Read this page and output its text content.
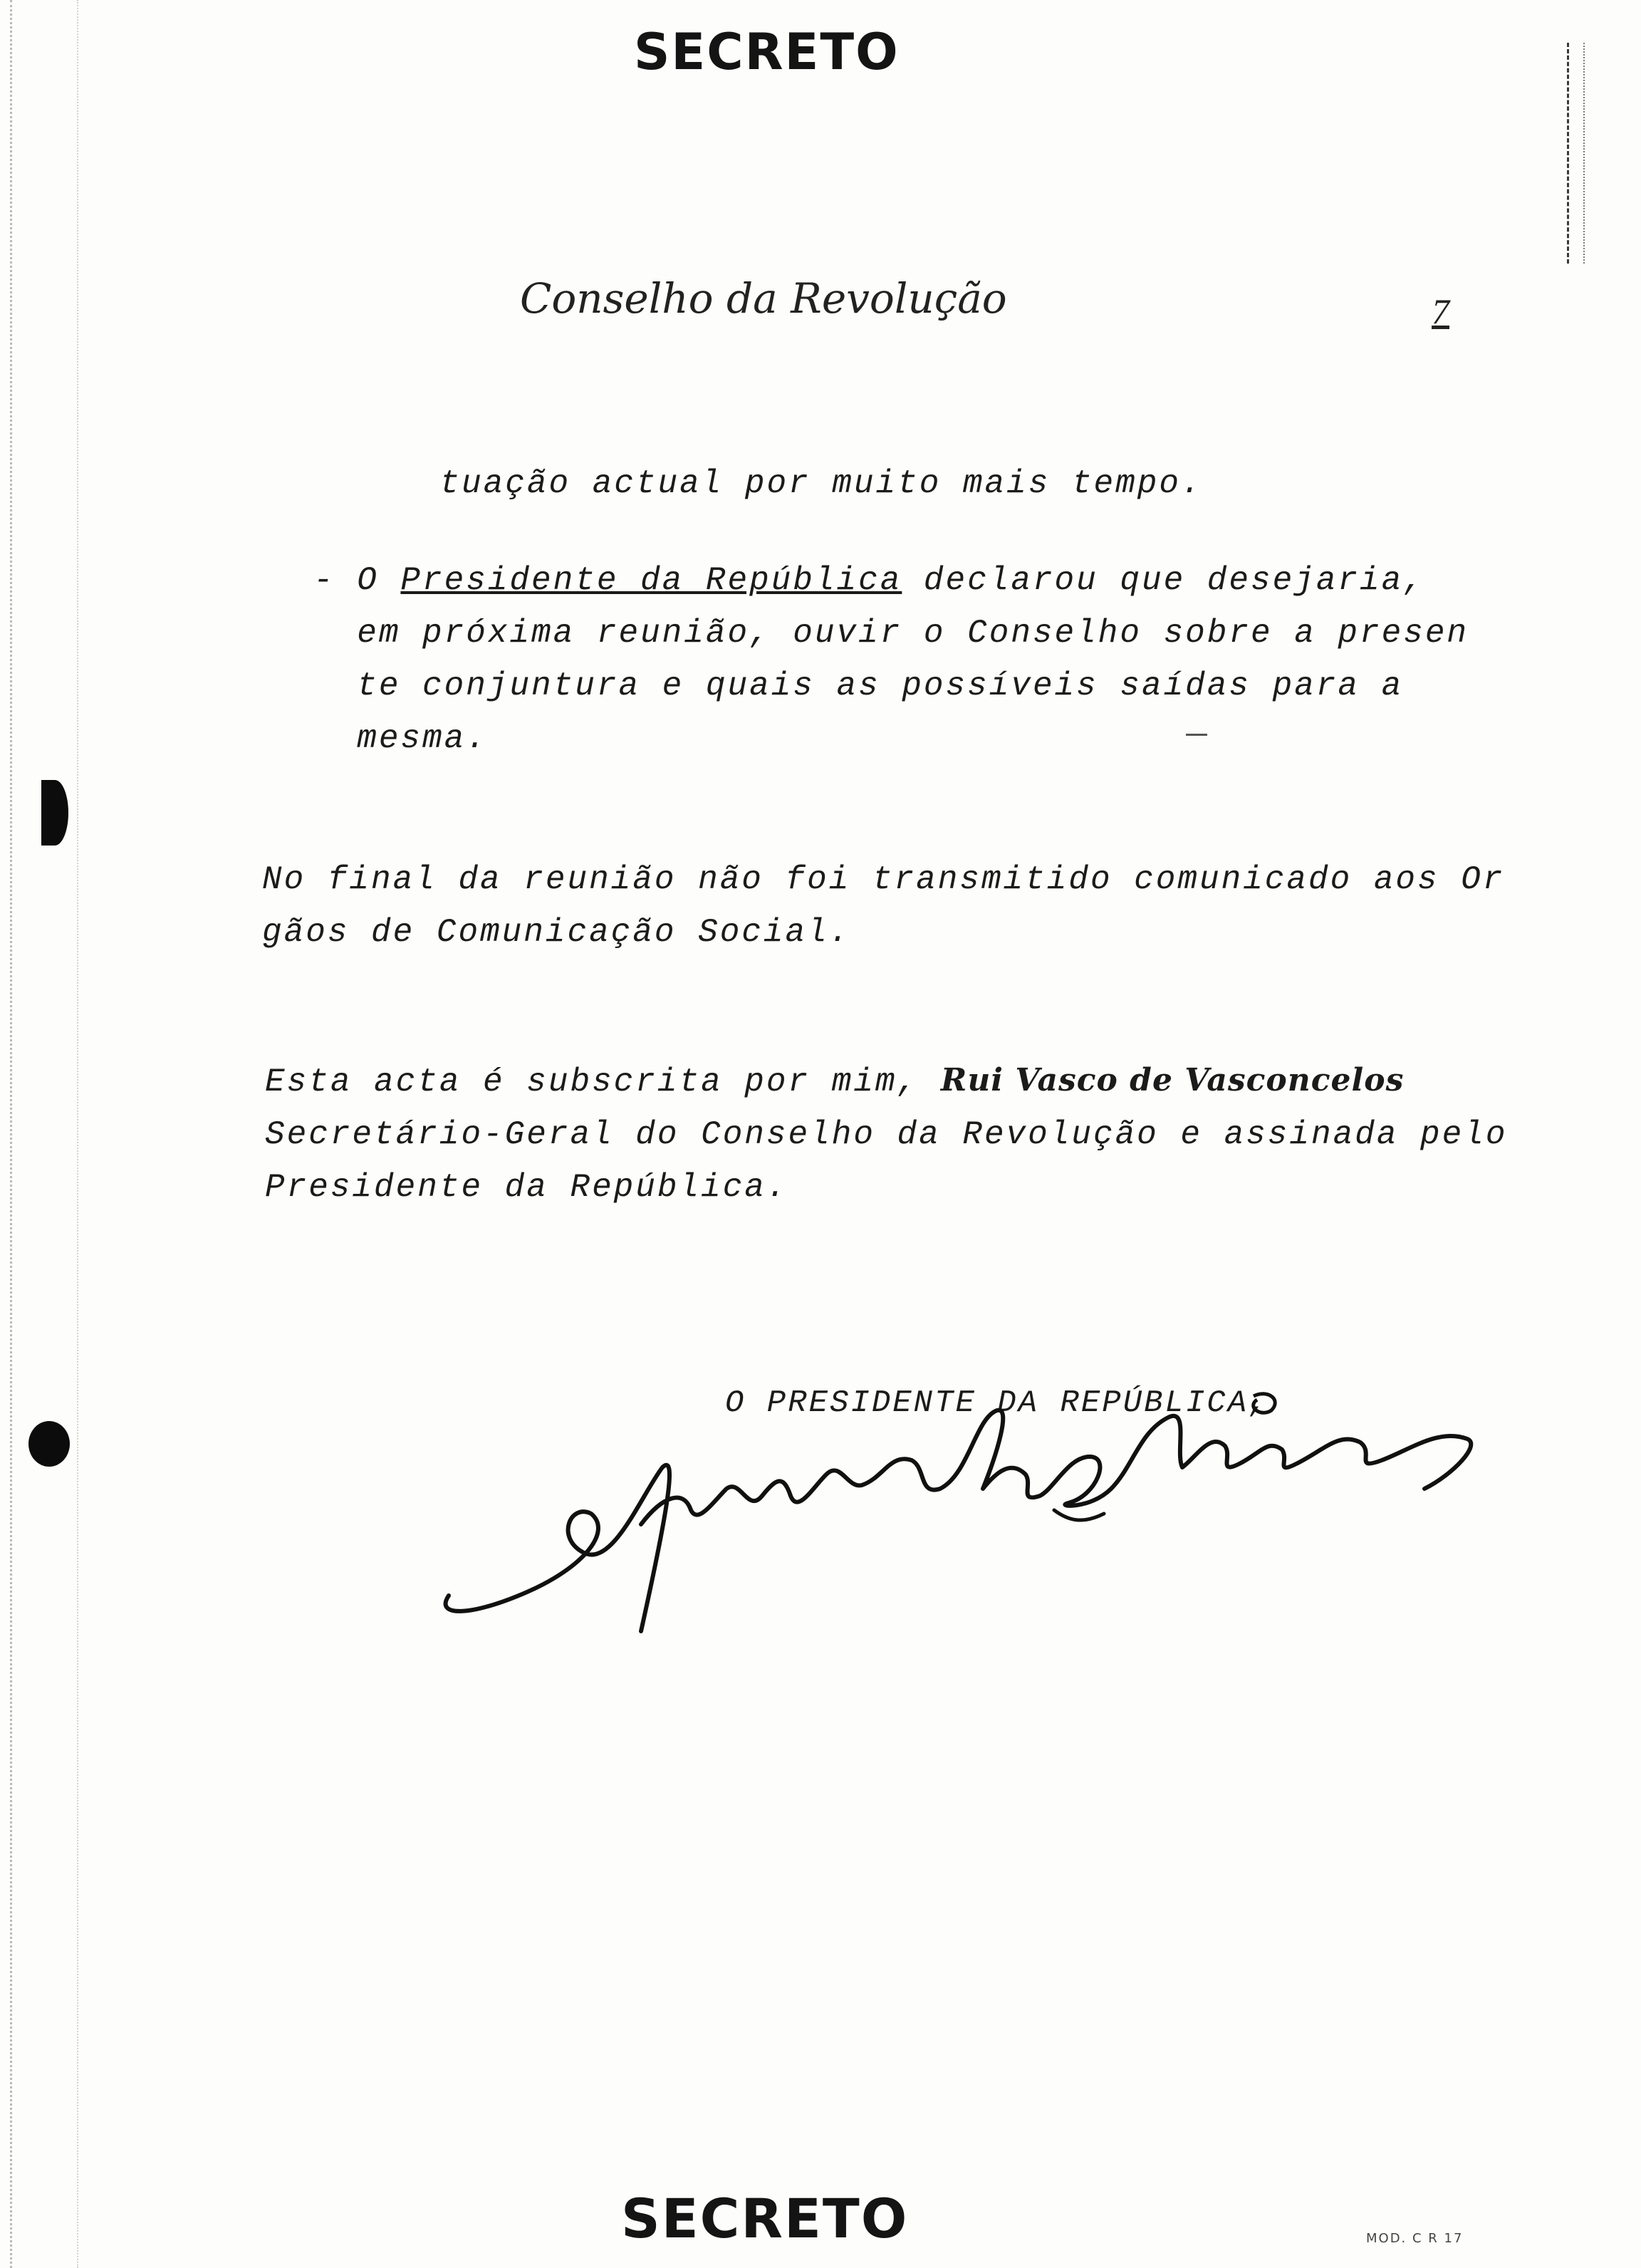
SECRETO
Conselho da Revolução	7

tuação actual por muito mais tempo.

- O Presidente da República declarou que desejaria,
em próxima reunião, ouvir o Conselho sobre a presen
te conjuntura e quais as possíveis saídas para a
mesma.
No final da reunião não foi transmitido comunicado aos Or
gãos de Comunicação Social.
Esta acta é subscrita por mim, Rui Vasco de Vasconcelos
Secretário-Geral do Conselho da Revolução e assinada pelo
Presidente da República.
O PRESIDENTE DA REPÚBLICA,
SECRETO	MOD. C R 17
